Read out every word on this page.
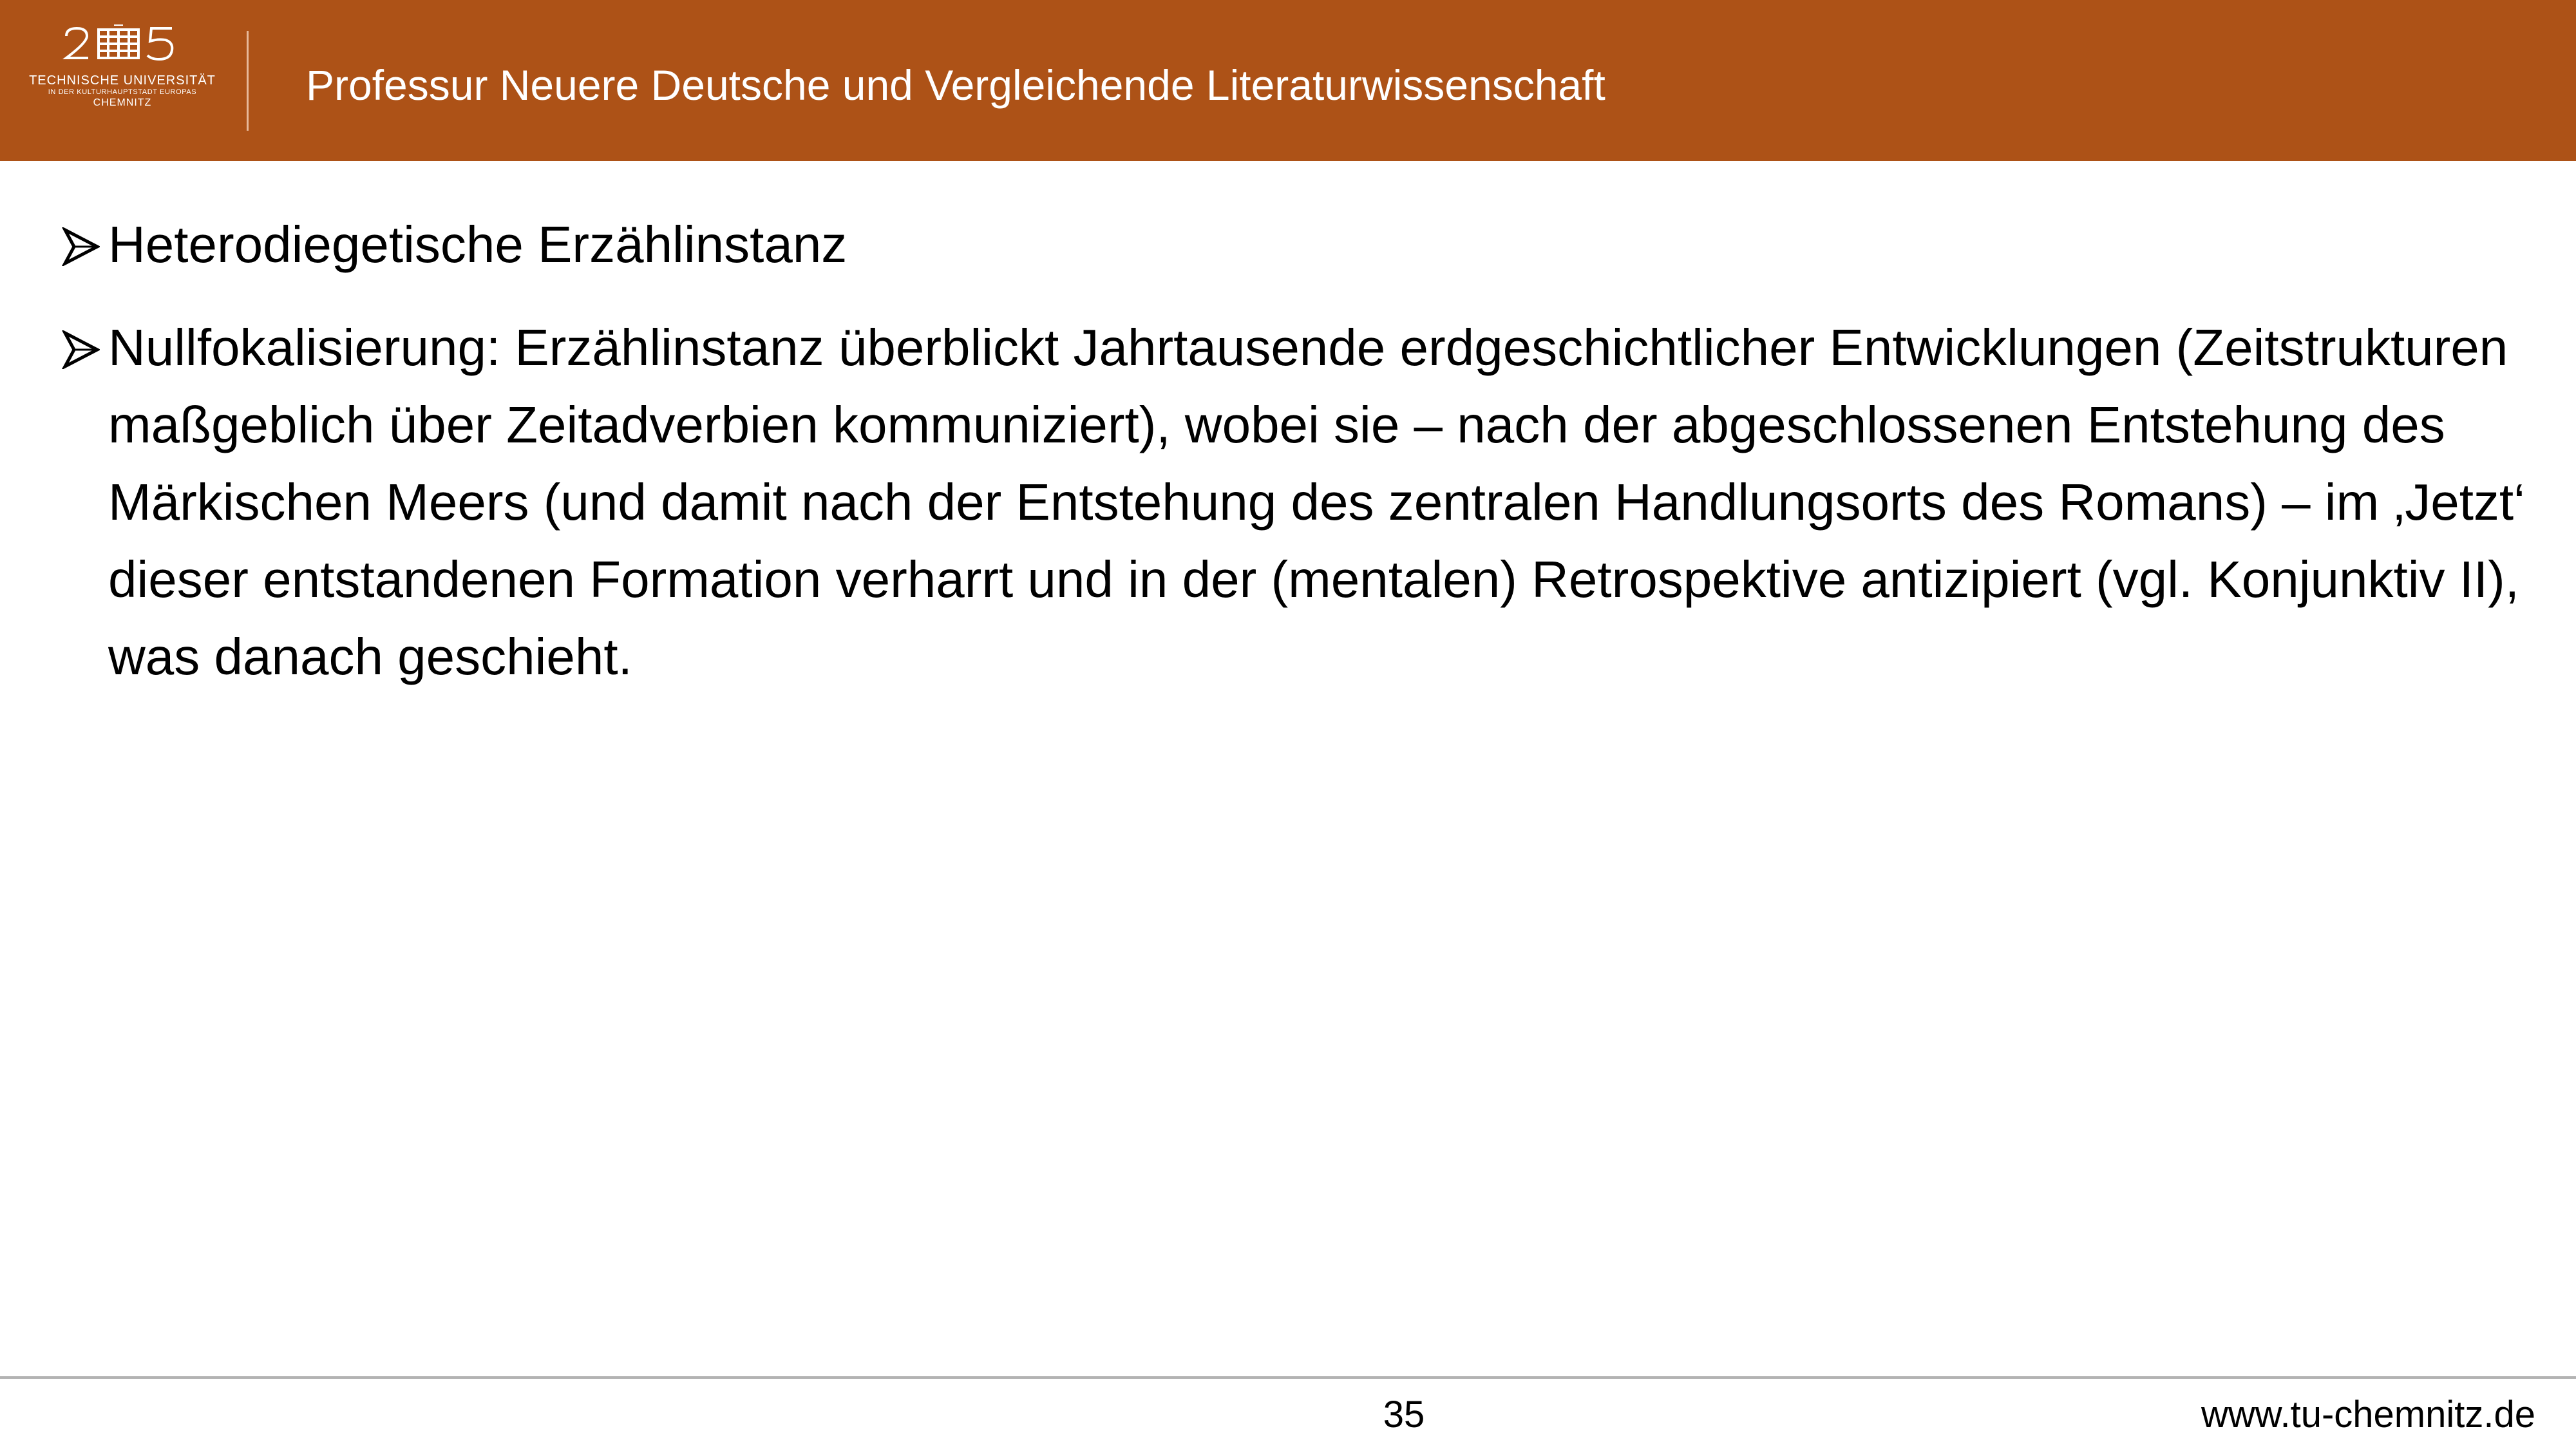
TECHNISCHE UNIVERSITÄT
IN DER KULTURHAUPTSTADT EUROPAS
CHEMNITZ	Professur Neuere Deutsche und Vergleichende Literaturwissenschaft
Heterodiegetische Erzählinstanz
Nullfokalisierung: Erzählinstanz überblickt Jahrtausende erdgeschichtlicher Entwicklungen (Zeitstrukturen maßgeblich über Zeitadverbien kommuniziert), wobei sie – nach der abgeschlossenen Entstehung des Märkischen Meers (und damit nach der Entstehung des zentralen Handlungsorts des Romans) – im ‚Jetzt‘ dieser entstandenen Formation verharrt und in der (mentalen) Retrospektive antizipiert (vgl. Konjunktiv II), was danach geschieht.
35	www.tu-chemnitz.de
